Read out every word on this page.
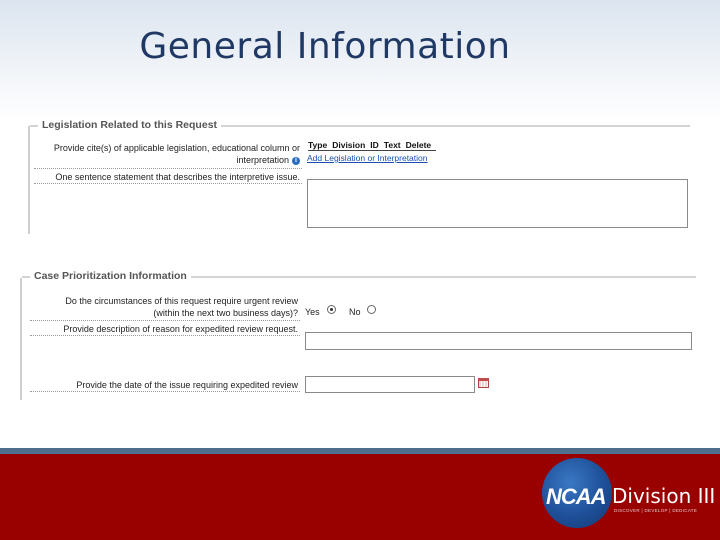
General Information
Legislation Related to this Request
Provide cite(s) of applicable legislation, educational column or
interpretation i
Type Division ID Text Delete
Add Legislation or Interpretation
One sentence statement that describes the interpretive issue.
Case Prioritization Information
Do the circumstances of this request require urgent review
(within the next two business days)? Yes	No
Provide description of reason for expedited review request.
Provide the date of the issue requiring expedited review
NCAA Division III
DISCOVER | DEVELOP | DEDICATE
